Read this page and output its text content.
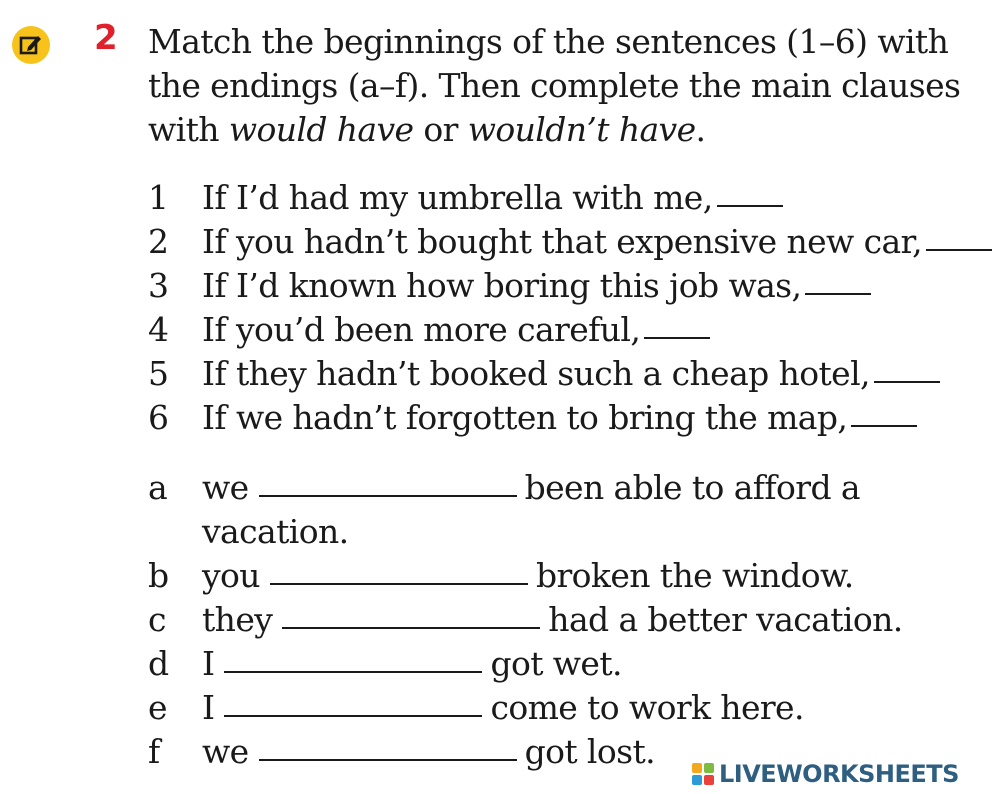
2 Match the beginnings of the sentences (1–6) with

the endings (a–f). Then complete the main clauses

with would have or wouldn’t have.

1	If I’d had my umbrella with me,
2	If you hadn’t bought that expensive new car,
3	If I’d known how boring this job was,
4	If you’d been more careful,
5	If they hadn’t booked such a cheap hotel,
6	If we hadn’t forgotten to bring the map,
a	we	been able to afford a
vacation.
b	you	broken the window.
c	they	had a better vacation.
d	I	got wet.
e	I	come to work here.
f	we	got lost.
LIVEWORKSHEETS
